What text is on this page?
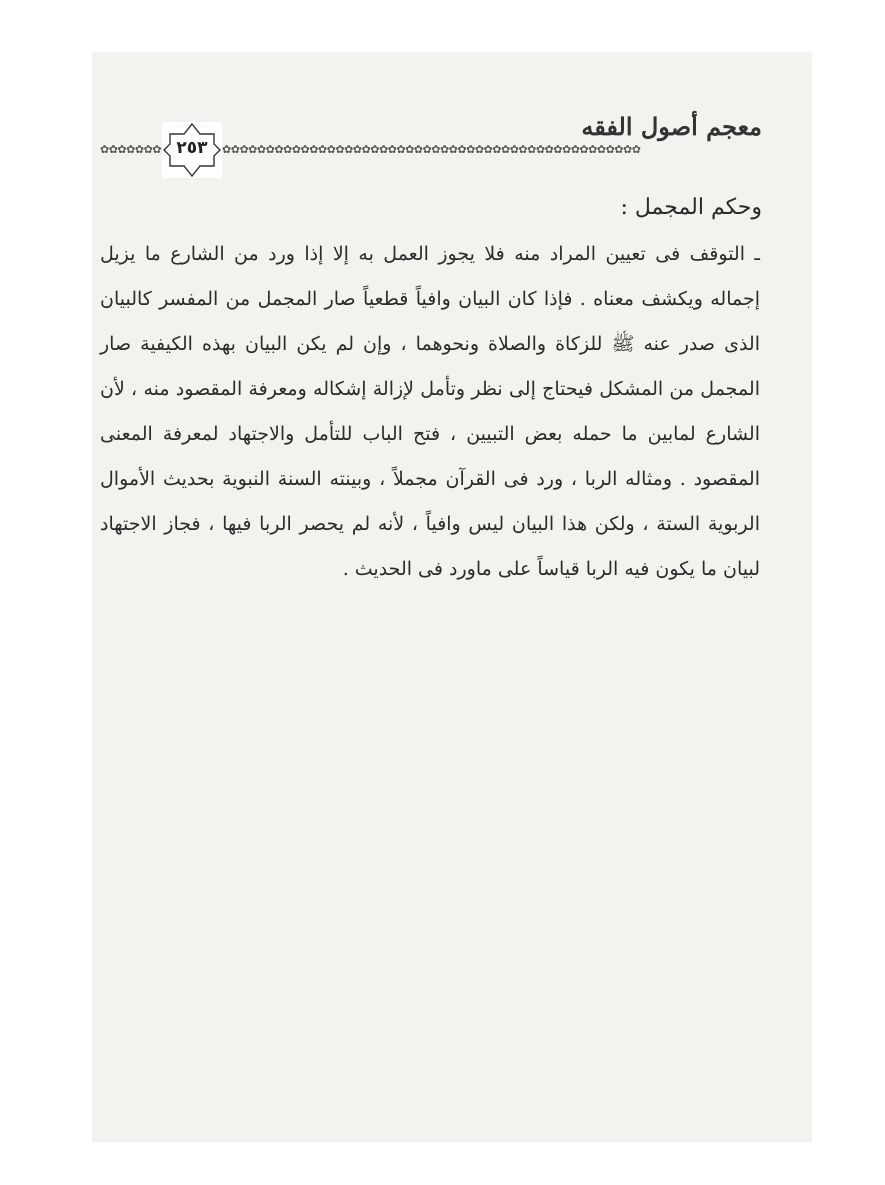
معجم أصول الفقه
✿✿✿✿✿✿✿✿✿✿✿✿✿✿✿✿✿✿✿✿✿✿✿✿✿✿✿✿✿✿✿✿✿✿✿✿✿✿✿✿✿✿✿✿✿✿✿✿✿✿✿✿✿✿✿✿✿✿✿✿✿✿
٢٥٣
وحكم المجمل :

ـ التوقف فى تعيين المراد منه فلا يجوز العمل به إلا إذا ورد من الشارع ما يزيل إجماله ويكشف معناه . فإذا كان البيان وافياً قطعياً صار المجمل من المفسر كالبيان الذى صدر عنه ﷺ للزكاة والصلاة ونحوهما ، وإن لم يكن البيان بهذه الكيفية صار المجمل من المشكل فيحتاج إلى نظر وتأمل لإزالة إشكاله ومعرفة المقصود منه ، لأن الشارع لمابين ما حمله بعض التبيين ، فتح الباب للتأمل والاجتهاد لمعرفة المعنى المقصود . ومثاله الربا ، ورد فى القرآن مجملاً ، وبينته السنة النبوية بحديث الأموال الربوية الستة ، ولكن هذا البيان ليس وافياً ، لأنه لم يحصر الربا فيها ، فجاز الاجتهاد لبيان ما يكون فيه الربا قياساً على ماورد فى الحديث .
